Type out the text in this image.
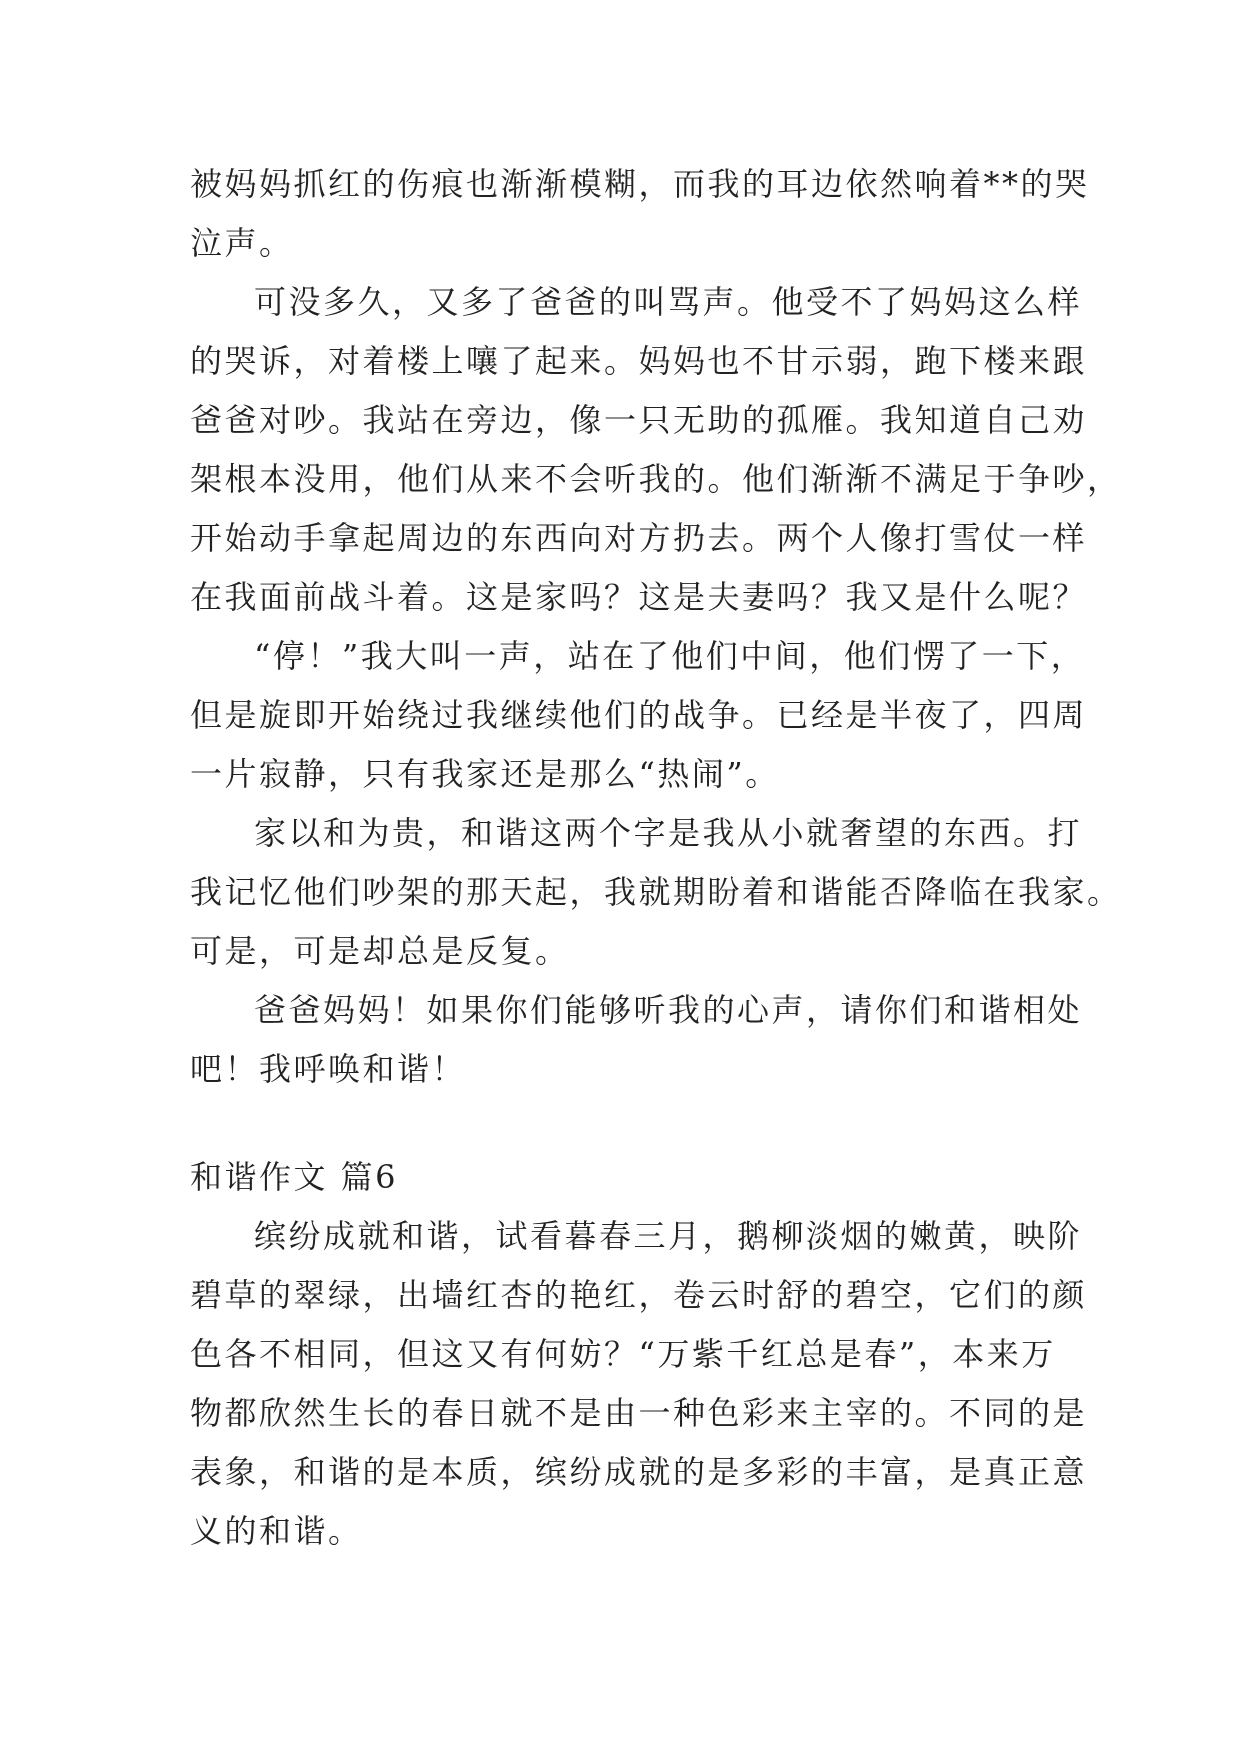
被妈妈抓红的伤痕也渐渐模糊，而我的耳边依然响着**的哭
泣声。
可没多久，又多了爸爸的叫骂声。他受不了妈妈这么样
的哭诉，对着楼上嚷了起来。妈妈也不甘示弱，跑下楼来跟
爸爸对吵。我站在旁边，像一只无助的孤雁。我知道自己劝
架根本没用，他们从来不会听我的。他们渐渐不满足于争吵，
开始动手拿起周边的东西向对方扔去。两个人像打雪仗一样
在我面前战斗着。这是家吗？这是夫妻吗？我又是什么呢？
“停！”我大叫一声，站在了他们中间，他们愣了一下，
但是旋即开始绕过我继续他们的战争。已经是半夜了，四周
一片寂静，只有我家还是那么“热闹”。
家以和为贵，和谐这两个字是我从小就奢望的东西。打
我记忆他们吵架的那天起，我就期盼着和谐能否降临在我家。
可是，可是却总是反复。
爸爸妈妈！如果你们能够听我的心声，请你们和谐相处
吧！我呼唤和谐！
和谐作文 篇6
缤纷成就和谐，试看暮春三月，鹅柳淡烟的嫩黄，映阶
碧草的翠绿，出墙红杏的艳红，卷云时舒的碧空，它们的颜
色各不相同，但这又有何妨？“万紫千红总是春”，本来万
物都欣然生长的春日就不是由一种色彩来主宰的。不同的是
表象，和谐的是本质，缤纷成就的是多彩的丰富，是真正意
义的和谐。
